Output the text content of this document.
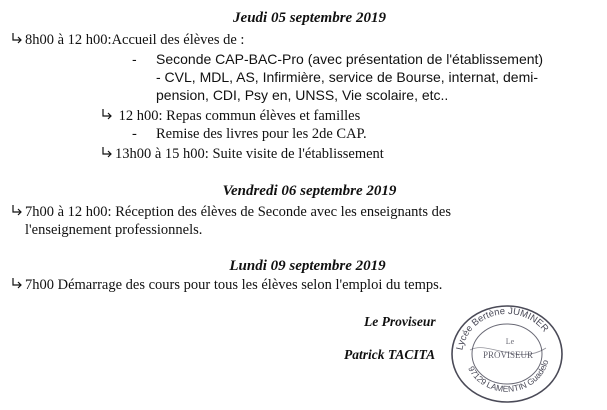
Jeudi 05 septembre 2019
8h00 à 12 h00:Accueil des élèves de :
- Seconde CAP-BAC-Pro (avec présentation de l'établissement)
- CVL, MDL, AS, Infirmière, service de Bourse, internat, demi-
pension, CDI, Psy en, UNSS, Vie scolaire, etc..
12 h00: Repas commun élèves et familles
- Remise des livres pour les 2de CAP.
13h00 à 15 h00: Suite visite de l'établissement
Vendredi 06 septembre 2019
7h00 à 12 h00: Réception des élèves de Seconde avec les enseignants des
l'enseignement professionnels.
Lundi 09 septembre 2019
7h00 Démarrage des cours pour tous les élèves selon l'emploi du temps.
Le Proviseur
Patrick TACITA Lycée Bertène JUMINER
97129 LAMENTIN Guadelo
Le
PROVISEUR
